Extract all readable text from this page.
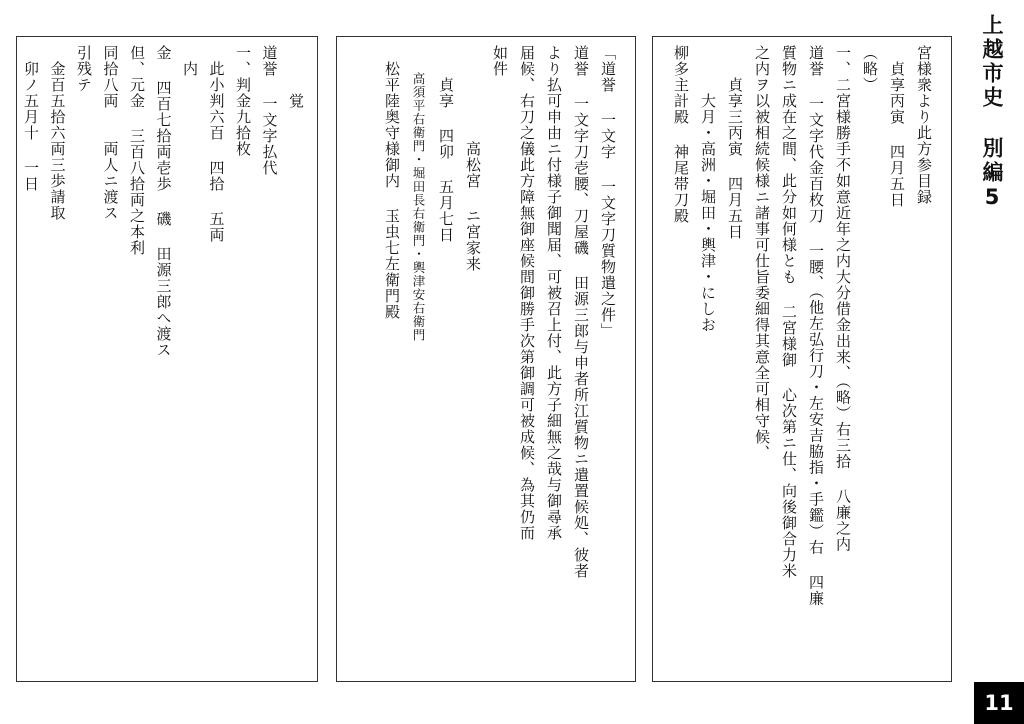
上越市史 別編5
宮様衆より此方参目録
　貞享丙寅 四月五日
（略）
一、二宮様勝手不如意近年之内大分借金出来、（略）右三拾 八廉之内
道誉 一文字代金百枚刀 一腰、（他左弘行刀・左安吉脇指・手鑑）右 四廉
質物ニ成在之間、此分如何様とも 二宮様御 心次第ニ仕、向後御合力米
之内ヲ以被相続候様ニ諸事可仕旨委細得其意全可相守候、
　　貞享三丙寅 四月五日
　　　大月・高洲・堀田・輿津・にしお
柳多主計殿 神尾帯刀殿
「道誉 一文字 一文字刀質物遣之件」
道誉 一文字刀壱腰、刀屋磯 田源三郎与申者所江質物ニ遣置候処、彼者
より払可申由ニ付様子御聞届、可被召上付、此方子細無之哉与御尋承
届候、右刀之儀此方障無御座候間御勝手次第御調可被成候、為其仍而
如件
　　　　　　高松宮 ニ宮家来
　　貞享 四卯 五月七日
　　高須平右衛門・堀田長右衛門・輿津安右衛門
　松平陸奥守様御内 玉虫七左衛門殿
　　　覚
道誉 一文字払代
一、判金九拾枚
　此小判六百 四拾 五両
　内
金 四百七拾両壱歩 磯 田源三郎へ渡ス
但、元金 三百八拾両之本利
同拾八両　　両人ニ渡ス
引残テ
　金百五拾六両三歩請取
　卯ノ五月十 一日
11
